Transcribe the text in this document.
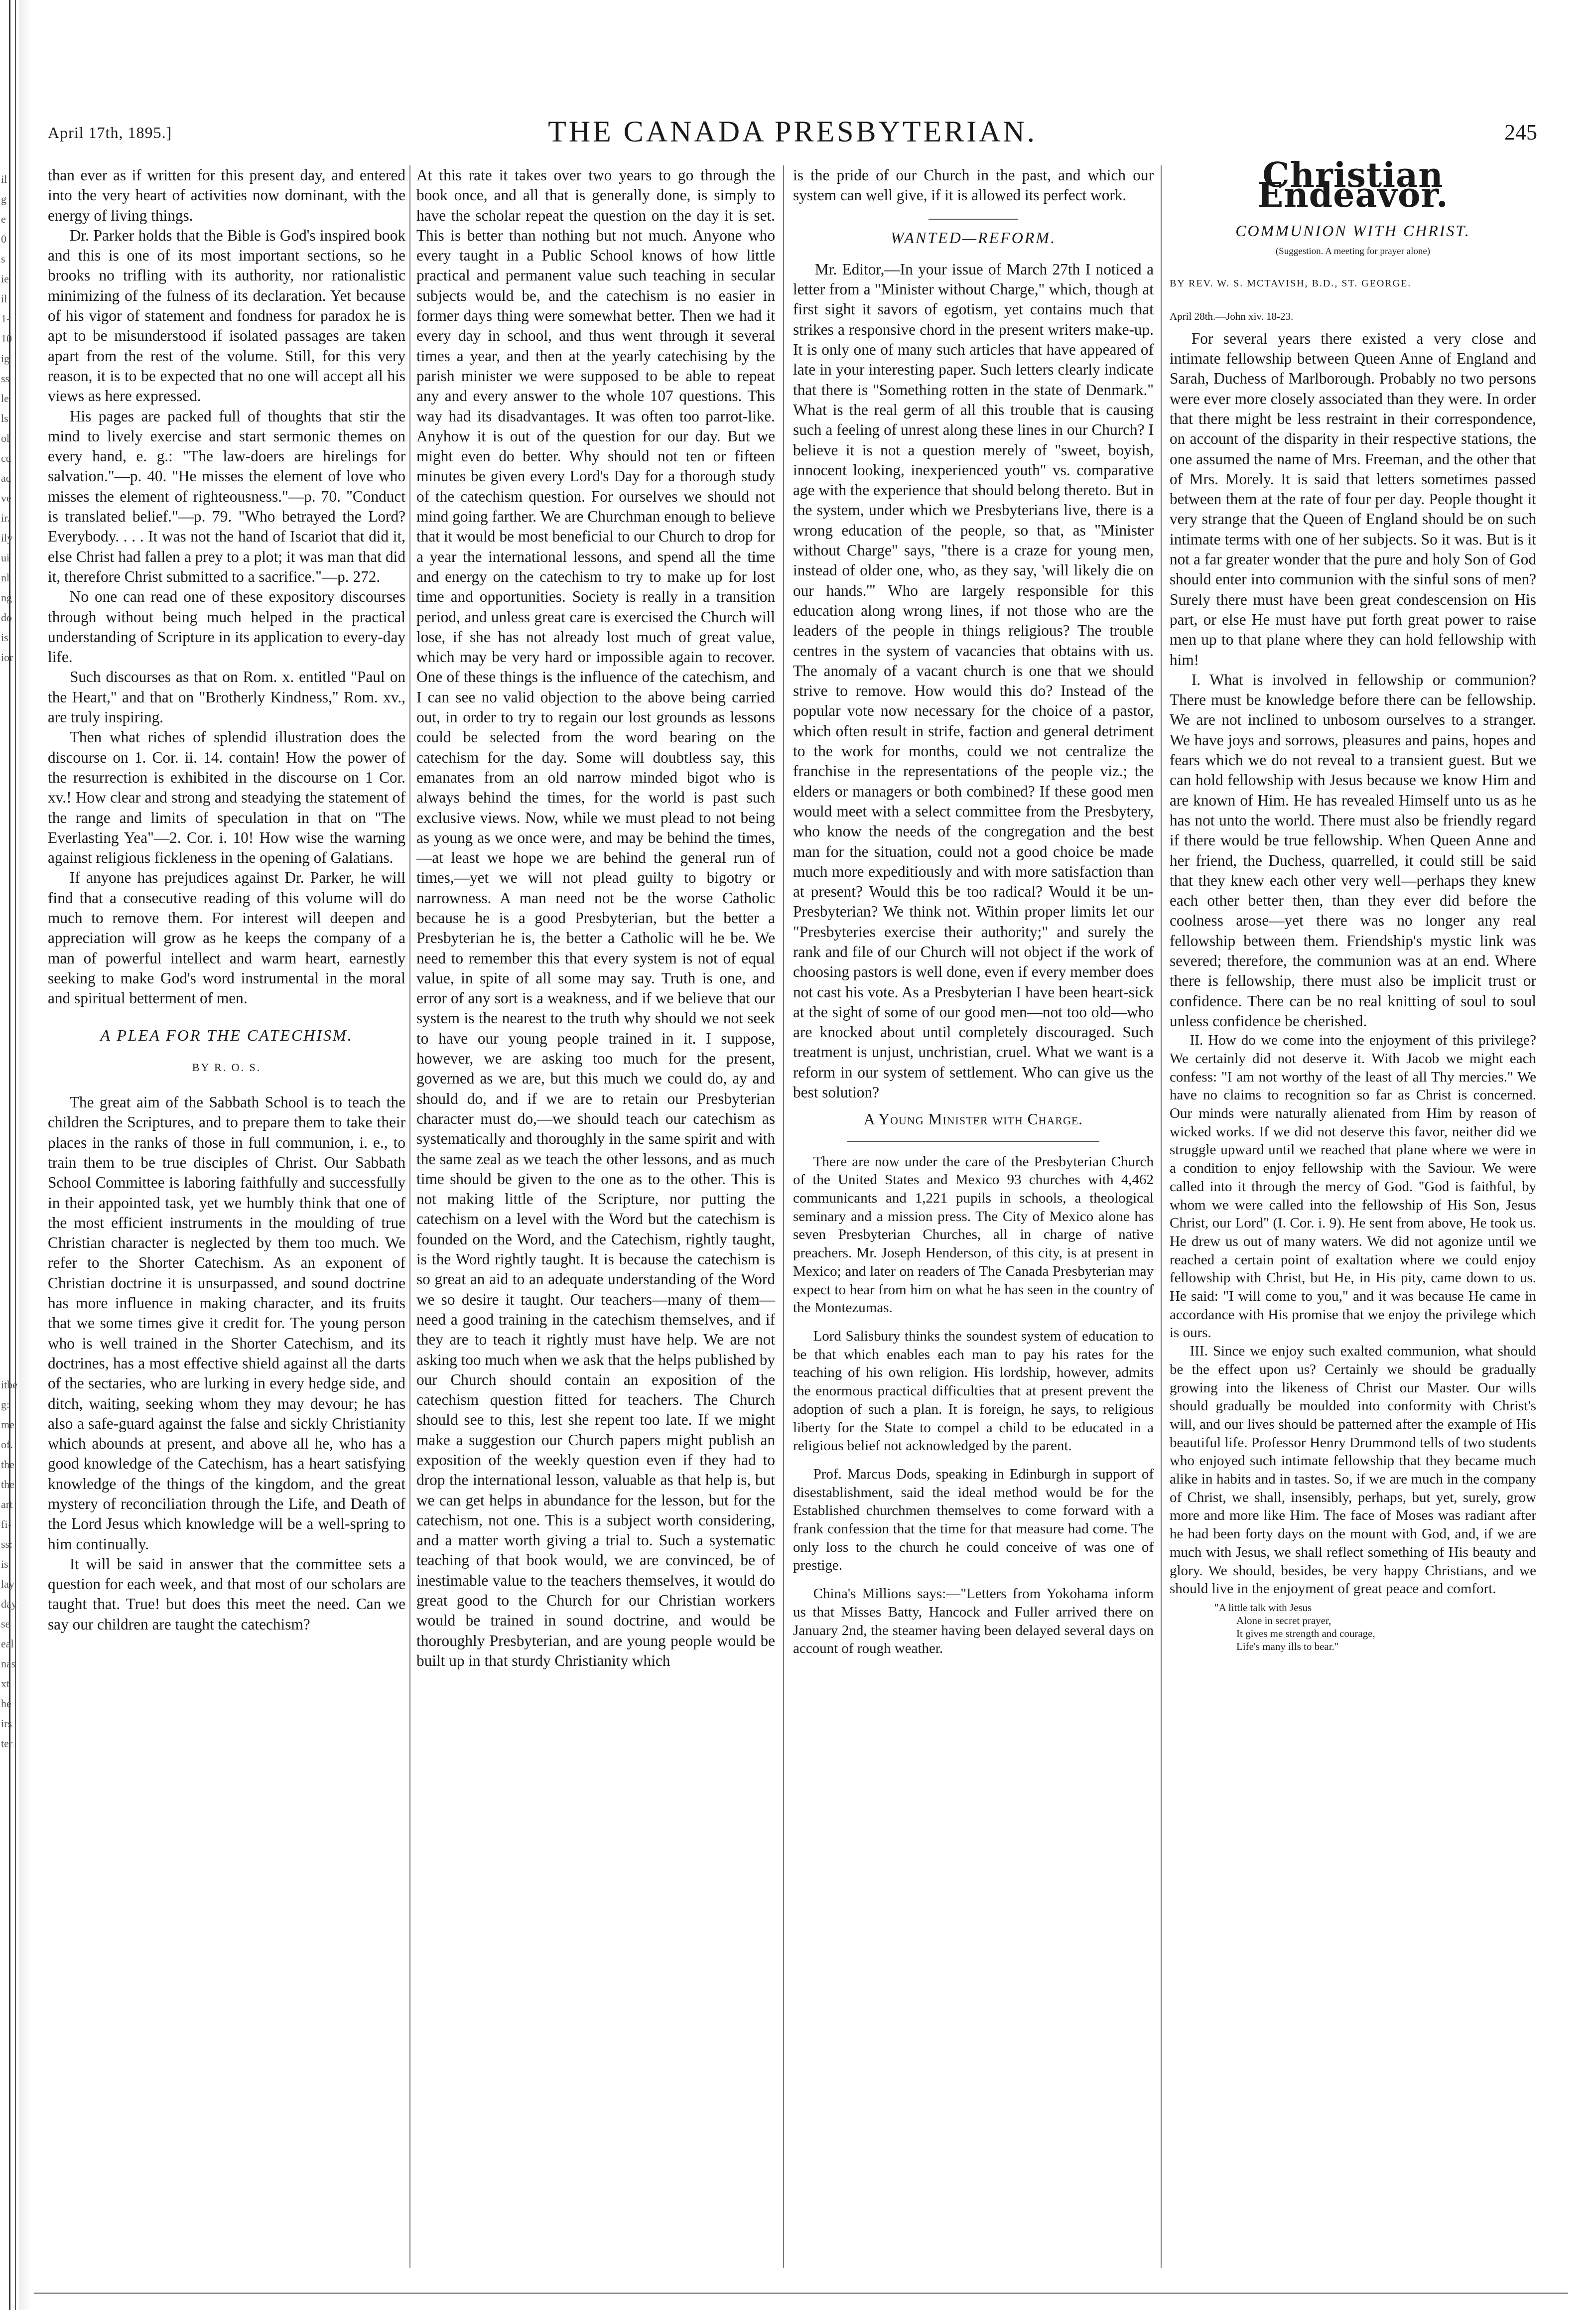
il
g
e
0
s
ie
il
1-
10
ig
ss
le
ls
ol
cd
ad
ve
ir.
ily
ui
nl
ng
do
is
ior
itbe
g:
me
of.
the
the
art
fi-
ss:
is
lay
day
se
eal
nas
xt
he
irs
ter
April 17th, 1895.]	THE CANADA PRESBYTERIAN.	245

than ever as if written for this present day, and entered into the very heart of activities now dominant, with the energy of living things.

Dr. Parker holds that the Bible is God's inspired book and this is one of its most important sections, so he brooks no trifling with its authority, nor rationalistic minimizing of the fulness of its declaration. Yet because of his vigor of statement and fondness for paradox he is apt to be misunderstood if isolated passages are taken apart from the rest of the volume. Still, for this very reason, it is to be expected that no one will accept all his views as here expressed.

His pages are packed full of thoughts that stir the mind to lively exercise and start sermonic themes on every hand, e. g.: "The law-doers are hirelings for salvation."—p. 40. "He misses the element of love who misses the element of righteousness."—p. 70. "Conduct is translated belief."—p. 79. "Who betrayed the Lord? Everybody. . . . It was not the hand of Iscariot that did it, else Christ had fallen a prey to a plot; it was man that did it, therefore Christ submitted to a sacrifice."—p. 272.

No one can read one of these expository discourses through without being much helped in the practical understanding of Scripture in its application to every-day life.

Such discourses as that on Rom. x. entitled "Paul on the Heart," and that on "Brotherly Kindness," Rom. xv., are truly inspiring.

Then what riches of splendid illustration does the discourse on 1. Cor. ii. 14. contain! How the power of the resurrection is exhibited in the discourse on 1 Cor. xv.! How clear and strong and steadying the statement of the range and limits of speculation in that on "The Everlasting Yea"—2. Cor. i. 10! How wise the warning against religious fickleness in the opening of Galatians.

If anyone has prejudices against Dr. Parker, he will find that a consecutive reading of this volume will do much to remove them. For interest will deepen and appreciation will grow as he keeps the company of a man of powerful intellect and warm heart, earnestly seeking to make God's word instrumental in the moral and spiritual betterment of men.

A PLEA FOR THE CATECHISM.
BY R. O. S.

The great aim of the Sabbath School is to teach the children the Scriptures, and to prepare them to take their places in the ranks of those in full communion, i. e., to train them to be true disciples of Christ. Our Sabbath School Committee is laboring faithfully and successfully in their appointed task, yet we humbly think that one of the most efficient instruments in the moulding of true Christian character is neglected by them too much. We refer to the Shorter Catechism. As an exponent of Christian doctrine it is unsurpassed, and sound doctrine has more influence in making character, and its fruits that we some times give it credit for. The young person who is well trained in the Shorter Catechism, and its doctrines, has a most effective shield against all the darts of the sectaries, who are lurking in every hedge side, and ditch, waiting, seeking whom they may devour; he has also a safe-guard against the false and sickly Christianity which abounds at present, and above all he, who has a good knowledge of the Catechism, has a heart satisfying knowledge of the things of the kingdom, and the great mystery of reconciliation through the Life, and Death of the Lord Jesus which knowledge will be a well-spring to him continually.

It will be said in answer that the committee sets a question for each week, and that most of our scholars are taught that. True! but does this meet the need. Can we say our children are taught the catechism?

At this rate it takes over two years to go through the book once, and all that is generally done, is simply to have the scholar repeat the question on the day it is set. This is better than nothing but not much. Anyone who every taught in a Public School knows of how little practical and permanent value such teaching in secular subjects would be, and the catechism is no easier in former days thing were somewhat better. Then we had it every day in school, and thus went through it several times a year, and then at the yearly catechising by the parish minister we were supposed to be able to repeat any and every answer to the whole 107 questions. This way had its disadvantages. It was often too parrot-like. Anyhow it is out of the question for our day. But we might even do better. Why should not ten or fifteen minutes be given every Lord's Day for a thorough study of the catechism question. For ourselves we should not mind going farther. We are Churchman enough to believe that it would be most beneficial to our Church to drop for a year the international lessons, and spend all the time and energy on the catechism to try to make up for lost time and opportunities. Society is really in a transition period, and unless great care is exercised the Church will lose, if she has not already lost much of great value, which may be very hard or impossible again to recover. One of these things is the influence of the catechism, and I can see no valid objection to the above being carried out, in order to try to regain our lost grounds as lessons could be selected from the word bearing on the catechism for the day. Some will doubtless say, this emanates from an old narrow minded bigot who is always behind the times, for the world is past such exclusive views. Now, while we must plead to not being as young as we once were, and may be behind the times,—at least we hope we are behind the general run of times,—yet we will not plead guilty to bigotry or narrowness. A man need not be the worse Catholic because he is a good Presbyterian, but the better a Presbyterian he is, the better a Catholic will he be. We need to remember this that every system is not of equal value, in spite of all some may say. Truth is one, and error of any sort is a weakness, and if we believe that our system is the nearest to the truth why should we not seek to have our young people trained in it. I suppose, however, we are asking too much for the present, governed as we are, but this much we could do, ay and should do, and if we are to retain our Presbyterian character must do,—we should teach our catechism as systematically and thoroughly in the same spirit and with the same zeal as we teach the other lessons, and as much time should be given to the one as to the other. This is not making little of the Scripture, nor putting the catechism on a level with the Word but the catechism is founded on the Word, and the Catechism, rightly taught, is the Word rightly taught. It is because the catechism is so great an aid to an adequate understanding of the Word we so desire it taught. Our teachers—many of them—need a good training in the catechism themselves, and if they are to teach it rightly must have help. We are not asking too much when we ask that the helps published by our Church should contain an exposition of the catechism question fitted for teachers. The Church should see to this, lest she repent too late. If we might make a suggestion our Church papers might publish an exposition of the weekly question even if they had to drop the international lesson, valuable as that help is, but we can get helps in abundance for the lesson, but for the catechism, not one. This is a subject worth considering, and a matter worth giving a trial to. Such a systematic teaching of that book would, we are convinced, be of inestimable value to the teachers themselves, it would do great good to the Church for our Christian workers would be trained in sound doctrine, and would be thoroughly Presbyterian, and are young people would be built up in that sturdy Christianity which

is the pride of our Church in the past, and which our system can well give, if it is allowed its perfect work.

WANTED—REFORM.

Mr. Editor,—In your issue of March 27th I noticed a letter from a "Minister without Charge," which, though at first sight it savors of egotism, yet contains much that strikes a responsive chord in the present writers make-up. It is only one of many such articles that have appeared of late in your interesting paper. Such letters clearly indicate that there is "Something rotten in the state of Denmark." What is the real germ of all this trouble that is causing such a feeling of unrest along these lines in our Church? I believe it is not a question merely of "sweet, boyish, innocent looking, inexperienced youth" vs. comparative age with the experience that should belong thereto. But in the system, under which we Presbyterians live, there is a wrong education of the people, so that, as "Minister without Charge" says, "there is a craze for young men, instead of older one, who, as they say, 'will likely die on our hands.'" Who are largely responsible for this education along wrong lines, if not those who are the leaders of the people in things religious? The trouble centres in the system of vacancies that obtains with us. The anomaly of a vacant church is one that we should strive to remove. How would this do? Instead of the popular vote now necessary for the choice of a pastor, which often result in strife, faction and general detriment to the work for months, could we not centralize the franchise in the representations of the people viz.; the elders or managers or both combined? If these good men would meet with a select committee from the Presbytery, who know the needs of the congregation and the best man for the situation, could not a good choice be made much more expeditiously and with more satisfaction than at present? Would this be too radical? Would it be un-Presbyterian? We think not. Within proper limits let our "Presbyteries exercise their authority;" and surely the rank and file of our Church will not object if the work of choosing pastors is well done, even if every member does not cast his vote. As a Presbyterian I have been heart-sick at the sight of some of our good men—not too old—who are knocked about until completely discouraged. Such treatment is unjust, unchristian, cruel. What we want is a reform in our system of settlement. Who can give us the best solution?

A Young Minister with Charge.

There are now under the care of the Presbyterian Church of the United States and Mexico 93 churches with 4,462 communicants and 1,221 pupils in schools, a theological seminary and a mission press. The City of Mexico alone has seven Presbyterian Churches, all in charge of native preachers. Mr. Joseph Henderson, of this city, is at present in Mexico; and later on readers of The Canada Presbyterian may expect to hear from him on what he has seen in the country of the Montezumas.

Lord Salisbury thinks the soundest system of education to be that which enables each man to pay his rates for the teaching of his own religion. His lordship, however, admits the enormous practical difficulties that at present prevent the adoption of such a plan. It is foreign, he says, to religious liberty for the State to compel a child to be educated in a religious belief not acknowledged by the parent.

Prof. Marcus Dods, speaking in Edinburgh in support of disestablishment, said the ideal method would be for the Established churchmen themselves to come forward with a frank confession that the time for that measure had come. The only loss to the church he could conceive of was one of prestige.

China's Millions says:—"Letters from Yokohama inform us that Misses Batty, Hancock and Fuller arrived there on January 2nd, the steamer having been delayed several days on account of rough weather.

Christian Endeavor.
COMMUNION WITH CHRIST.
(Suggestion. A meeting for prayer alone)
BY REV. W. S. MCTAVISH, B.D., ST. GEORGE.
April 28th.—John xiv. 18-23.

For several years there existed a very close and intimate fellowship between Queen Anne of England and Sarah, Duchess of Marlborough. Probably no two persons were ever more closely associated than they were. In order that there might be less restraint in their correspondence, on account of the disparity in their respective stations, the one assumed the name of Mrs. Freeman, and the other that of Mrs. Morely. It is said that letters sometimes passed between them at the rate of four per day. People thought it very strange that the Queen of England should be on such intimate terms with one of her subjects. So it was. But is it not a far greater wonder that the pure and holy Son of God should enter into communion with the sinful sons of men? Surely there must have been great condescension on His part, or else He must have put forth great power to raise men up to that plane where they can hold fellowship with him!

I. What is involved in fellowship or communion? There must be knowledge before there can be fellowship. We are not inclined to unbosom ourselves to a stranger. We have joys and sorrows, pleasures and pains, hopes and fears which we do not reveal to a transient guest. But we can hold fellowship with Jesus because we know Him and are known of Him. He has revealed Himself unto us as he has not unto the world. There must also be friendly regard if there would be true fellowship. When Queen Anne and her friend, the Duchess, quarrelled, it could still be said that they knew each other very well—perhaps they knew each other better then, than they ever did before the coolness arose—yet there was no longer any real fellowship between them. Friendship's mystic link was severed; therefore, the communion was at an end. Where there is fellowship, there must also be implicit trust or confidence. There can be no real knitting of soul to soul unless confidence be cherished.

II. How do we come into the enjoyment of this privilege? We certainly did not deserve it. With Jacob we might each confess: "I am not worthy of the least of all Thy mercies." We have no claims to recognition so far as Christ is concerned. Our minds were naturally alienated from Him by reason of wicked works. If we did not deserve this favor, neither did we struggle upward until we reached that plane where we were in a condition to enjoy fellowship with the Saviour. We were called into it through the mercy of God. "God is faithful, by whom we were called into the fellowship of His Son, Jesus Christ, our Lord" (I. Cor. i. 9). He sent from above, He took us. He drew us out of many waters. We did not agonize until we reached a certain point of exaltation where we could enjoy fellowship with Christ, but He, in His pity, came down to us. He said: "I will come to you," and it was because He came in accordance with His promise that we enjoy the privilege which is ours.

III. Since we enjoy such exalted communion, what should be the effect upon us? Certainly we should be gradually growing into the likeness of Christ our Master. Our wills should gradually be moulded into conformity with Christ's will, and our lives should be patterned after the example of His beautiful life. Professor Henry Drummond tells of two students who enjoyed such intimate fellowship that they became much alike in habits and in tastes. So, if we are much in the company of Christ, we shall, insensibly, perhaps, but yet, surely, grow more and more like Him. The face of Moses was radiant after he had been forty days on the mount with God, and, if we are much with Jesus, we shall reflect something of His beauty and glory. We should, besides, be very happy Christians, and we should live in the enjoyment of great peace and comfort.

"A little talk with Jesus
Alone in secret prayer,
It gives me strength and courage,
Life's many ills to bear."
